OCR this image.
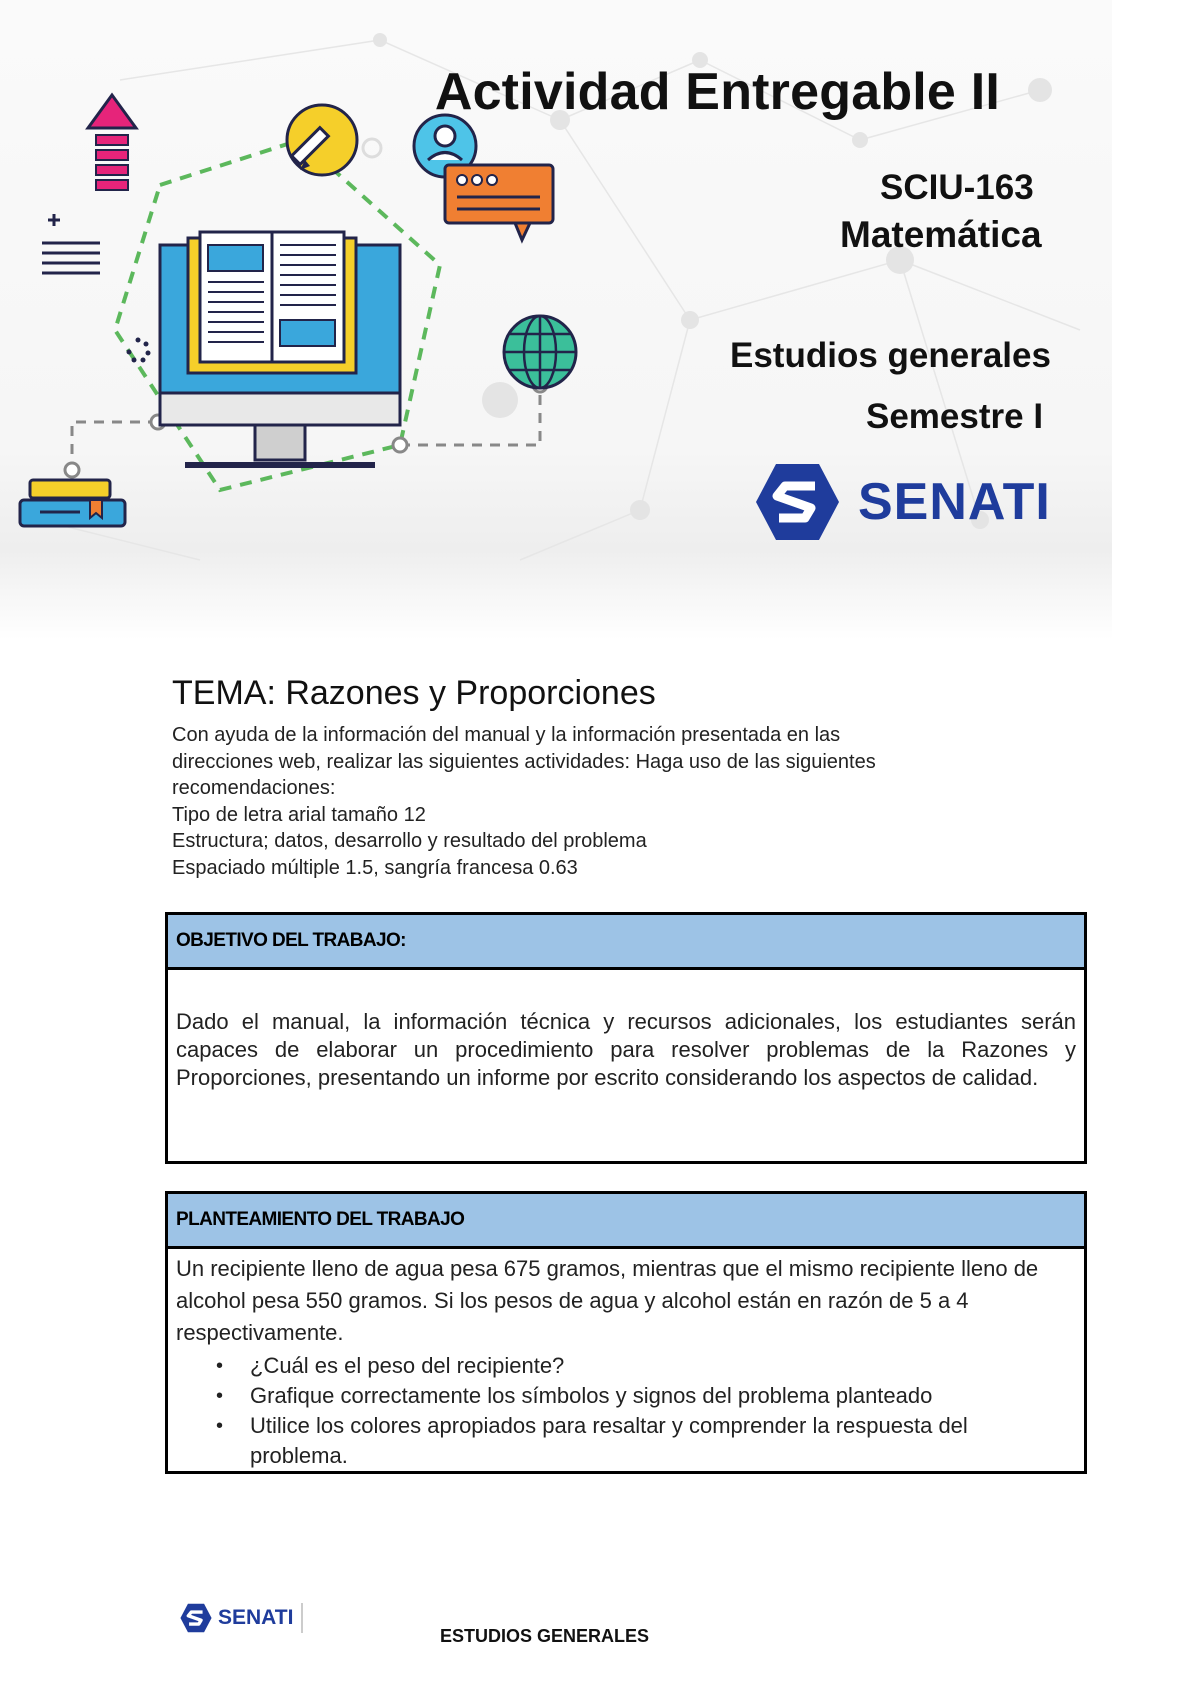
Actividad Entregable II
SCIU-163
Matemática
Estudios generales
Semestre I
SENATI
TEMA: Razones y Proporciones

Con ayuda de la información del manual y la información presentada en las

direcciones web, realizar las siguientes actividades: Haga uso de las siguientes

recomendaciones:

Tipo de letra arial tamaño 12

Estructura; datos, desarrollo y resultado del problema

Espaciado múltiple 1.5, sangría francesa 0.63

OBJETIVO DEL TRABAJO:
Dado el manual, la información técnica y recursos adicionales, los estudiantes serán capaces de elaborar un procedimiento para resolver problemas de la Razones y Proporciones, presentando un informe por escrito considerando los aspectos de calidad.
PLANTEAMIENTO DEL TRABAJO
Un recipiente lleno de agua pesa 675 gramos, mientras que el mismo recipiente lleno de alcohol pesa 550 gramos. Si los pesos de agua y alcohol están en razón de 5 a 4 respectivamente.
• ¿Cuál es el peso del recipiente?
• Grafique correctamente los símbolos y signos del problema planteado
• Utilice los colores apropiados para resaltar y comprender la respuesta del problema.
SENATI
ESTUDIOS GENERALES
